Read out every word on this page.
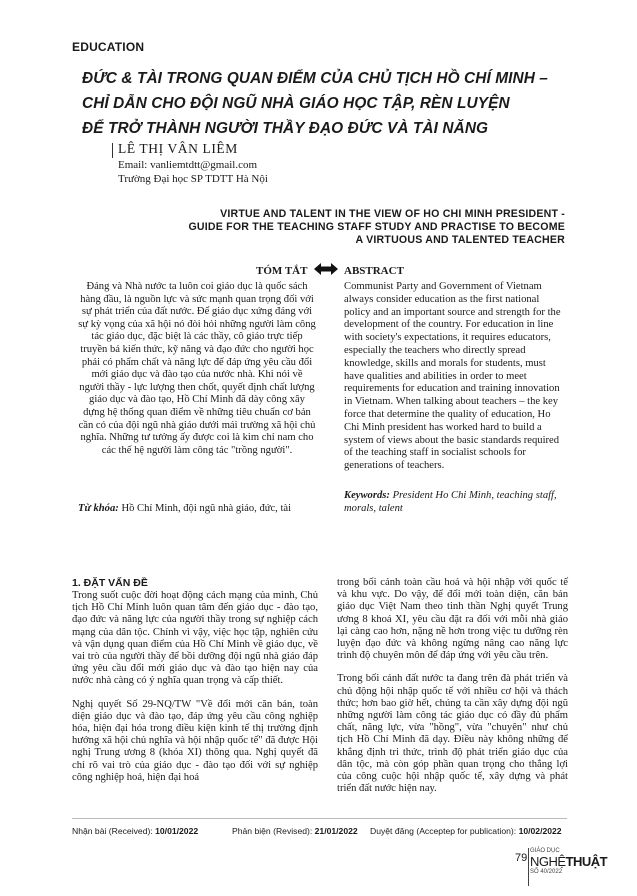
EDUCATION
ĐỨC & TÀI TRONG QUAN ĐIỂM CỦA CHỦ TỊCH HỒ CHÍ MINH –
CHỈ DẪN CHO ĐỘI NGŨ NHÀ GIÁO HỌC TẬP, RÈN LUYỆN
ĐỂ TRỞ THÀNH NGƯỜI THẦY ĐẠO ĐỨC VÀ TÀI NĂNG
LÊ THỊ VÂN LIÊM
Email: vanliemtdtt@gmail.com
Trường Đại học SP TDTT Hà Nội
VIRTUE AND TALENT IN THE VIEW OF HO CHI MINH PRESIDENT -
GUIDE FOR THE TEACHING STAFF STUDY AND PRACTISE TO BECOME
A VIRTUOUS AND TALENTED TEACHER
TÓM TẮT	ABSTRACT
Đảng và Nhà nước ta luôn coi giáo dục là quốc sách hàng đầu, là nguồn lực và sức mạnh quan trọng đối với sự phát triển của đất nước. Để giáo dục xứng đáng với sự kỳ vọng của xã hội nó đòi hỏi những người làm công tác giáo dục, đặc biệt là các thầy, cô giáo trực tiếp truyền bá kiến thức, kỹ năng và đạo đức cho người học phải có phẩm chất và năng lực để đáp ứng yêu cầu đổi mới giáo dục và đào tạo của nước nhà. Khi nói về người thầy - lực lượng then chốt, quyết định chất lượng giáo dục và đào tạo, Hồ Chí Minh đã dày công xây dựng hệ thống quan điểm về những tiêu chuẩn cơ bản cần có của đội ngũ nhà giáo dưới mái trường xã hội chủ nghĩa. Những tư tưởng ấy được coi là kim chỉ nam cho các thế hệ người làm công tác "trồng người".
Từ khóa: Hồ Chí Minh, đội ngũ nhà giáo, đức, tài
Communist Party and Government of Vietnam always consider education as the first national policy and an important source and strength for the development of the country. For education in line with society's expectations, it requires educators, especially the teachers who directly spread knowledge, skills and morals for students, must have qualities and abilities in order to meet requirements for education and training innovation in Vietnam. When talking about teachers – the key force that determine the quality of education, Ho Chi Minh president has worked hard to build a system of views about the basic standards required of the teaching staff in socialist schools for generations of teachers.
Keywords: President Ho Chi Minh, teaching staff, morals, talent
1. ĐẶT VẤN ĐỀ

Trong suốt cuộc đời hoạt động cách mạng của mình, Chủ tịch Hồ Chí Minh luôn quan tâm đến giáo dục - đào tạo, đạo đức và năng lực của người thầy trong sự nghiệp cách mạng của dân tộc. Chính vì vậy, việc học tập, nghiên cứu và vận dụng quan điểm của Hồ Chí Minh về giáo dục, về vai trò của người thầy để bồi dưỡng đội ngũ nhà giáo đáp ứng yêu cầu đổi mới giáo dục và đào tạo hiện nay của nước nhà càng có ý nghĩa quan trọng và cấp thiết.

Nghị quyết Số 29-NQ/TW "Về đổi mới căn bản, toàn diện giáo dục và đào tạo, đáp ứng yêu cầu công nghiệp hóa, hiện đại hóa trong điều kiện kinh tế thị trường định hướng xã hội chủ nghĩa và hội nhập quốc tế" đã được Hội nghị Trung ương 8 (khóa XI) thông qua. Nghị quyết đã chỉ rõ vai trò của giáo dục - đào tạo đối với sự nghiệp công nghiệp hoá, hiện đại hoá

trong bối cảnh toàn cầu hoá và hội nhập với quốc tế và khu vực. Do vậy, để đổi mới toàn diện, căn bản giáo dục Việt Nam theo tinh thần Nghị quyết Trung ương 8 khoá XI, yêu cầu đặt ra đối với mỗi nhà giáo lại càng cao hơn, nặng nề hơn trong việc tu dưỡng rèn luyện đạo đức và không ngừng nâng cao năng lực trình độ chuyên môn để đáp ứng với yêu cầu trên.

Trong bối cảnh đất nước ta đang trên đà phát triển và chủ động hội nhập quốc tế với nhiều cơ hội và thách thức; hơn bao giờ hết, chúng ta cần xây dựng đội ngũ những người làm công tác giáo dục có đầy đủ phẩm chất, năng lực, vừa "hồng", vừa "chuyên" như chủ tịch Hồ Chí Minh đã dạy. Điều này không những để khẳng định tri thức, trình độ phát triển giáo dục của dân tộc, mà còn góp phần quan trọng cho thắng lợi của công cuộc hội nhập quốc tế, xây dựng và phát triển đất nước hiện nay.

Nhận bài (Received): 10/01/2022	Phản biện (Revised): 21/01/2022 Duyệt đăng (Acceptep for publication): 10/02/2022
79
GIÁO DỤC
NGHỆTHUẬT
SỐ 40/2022
